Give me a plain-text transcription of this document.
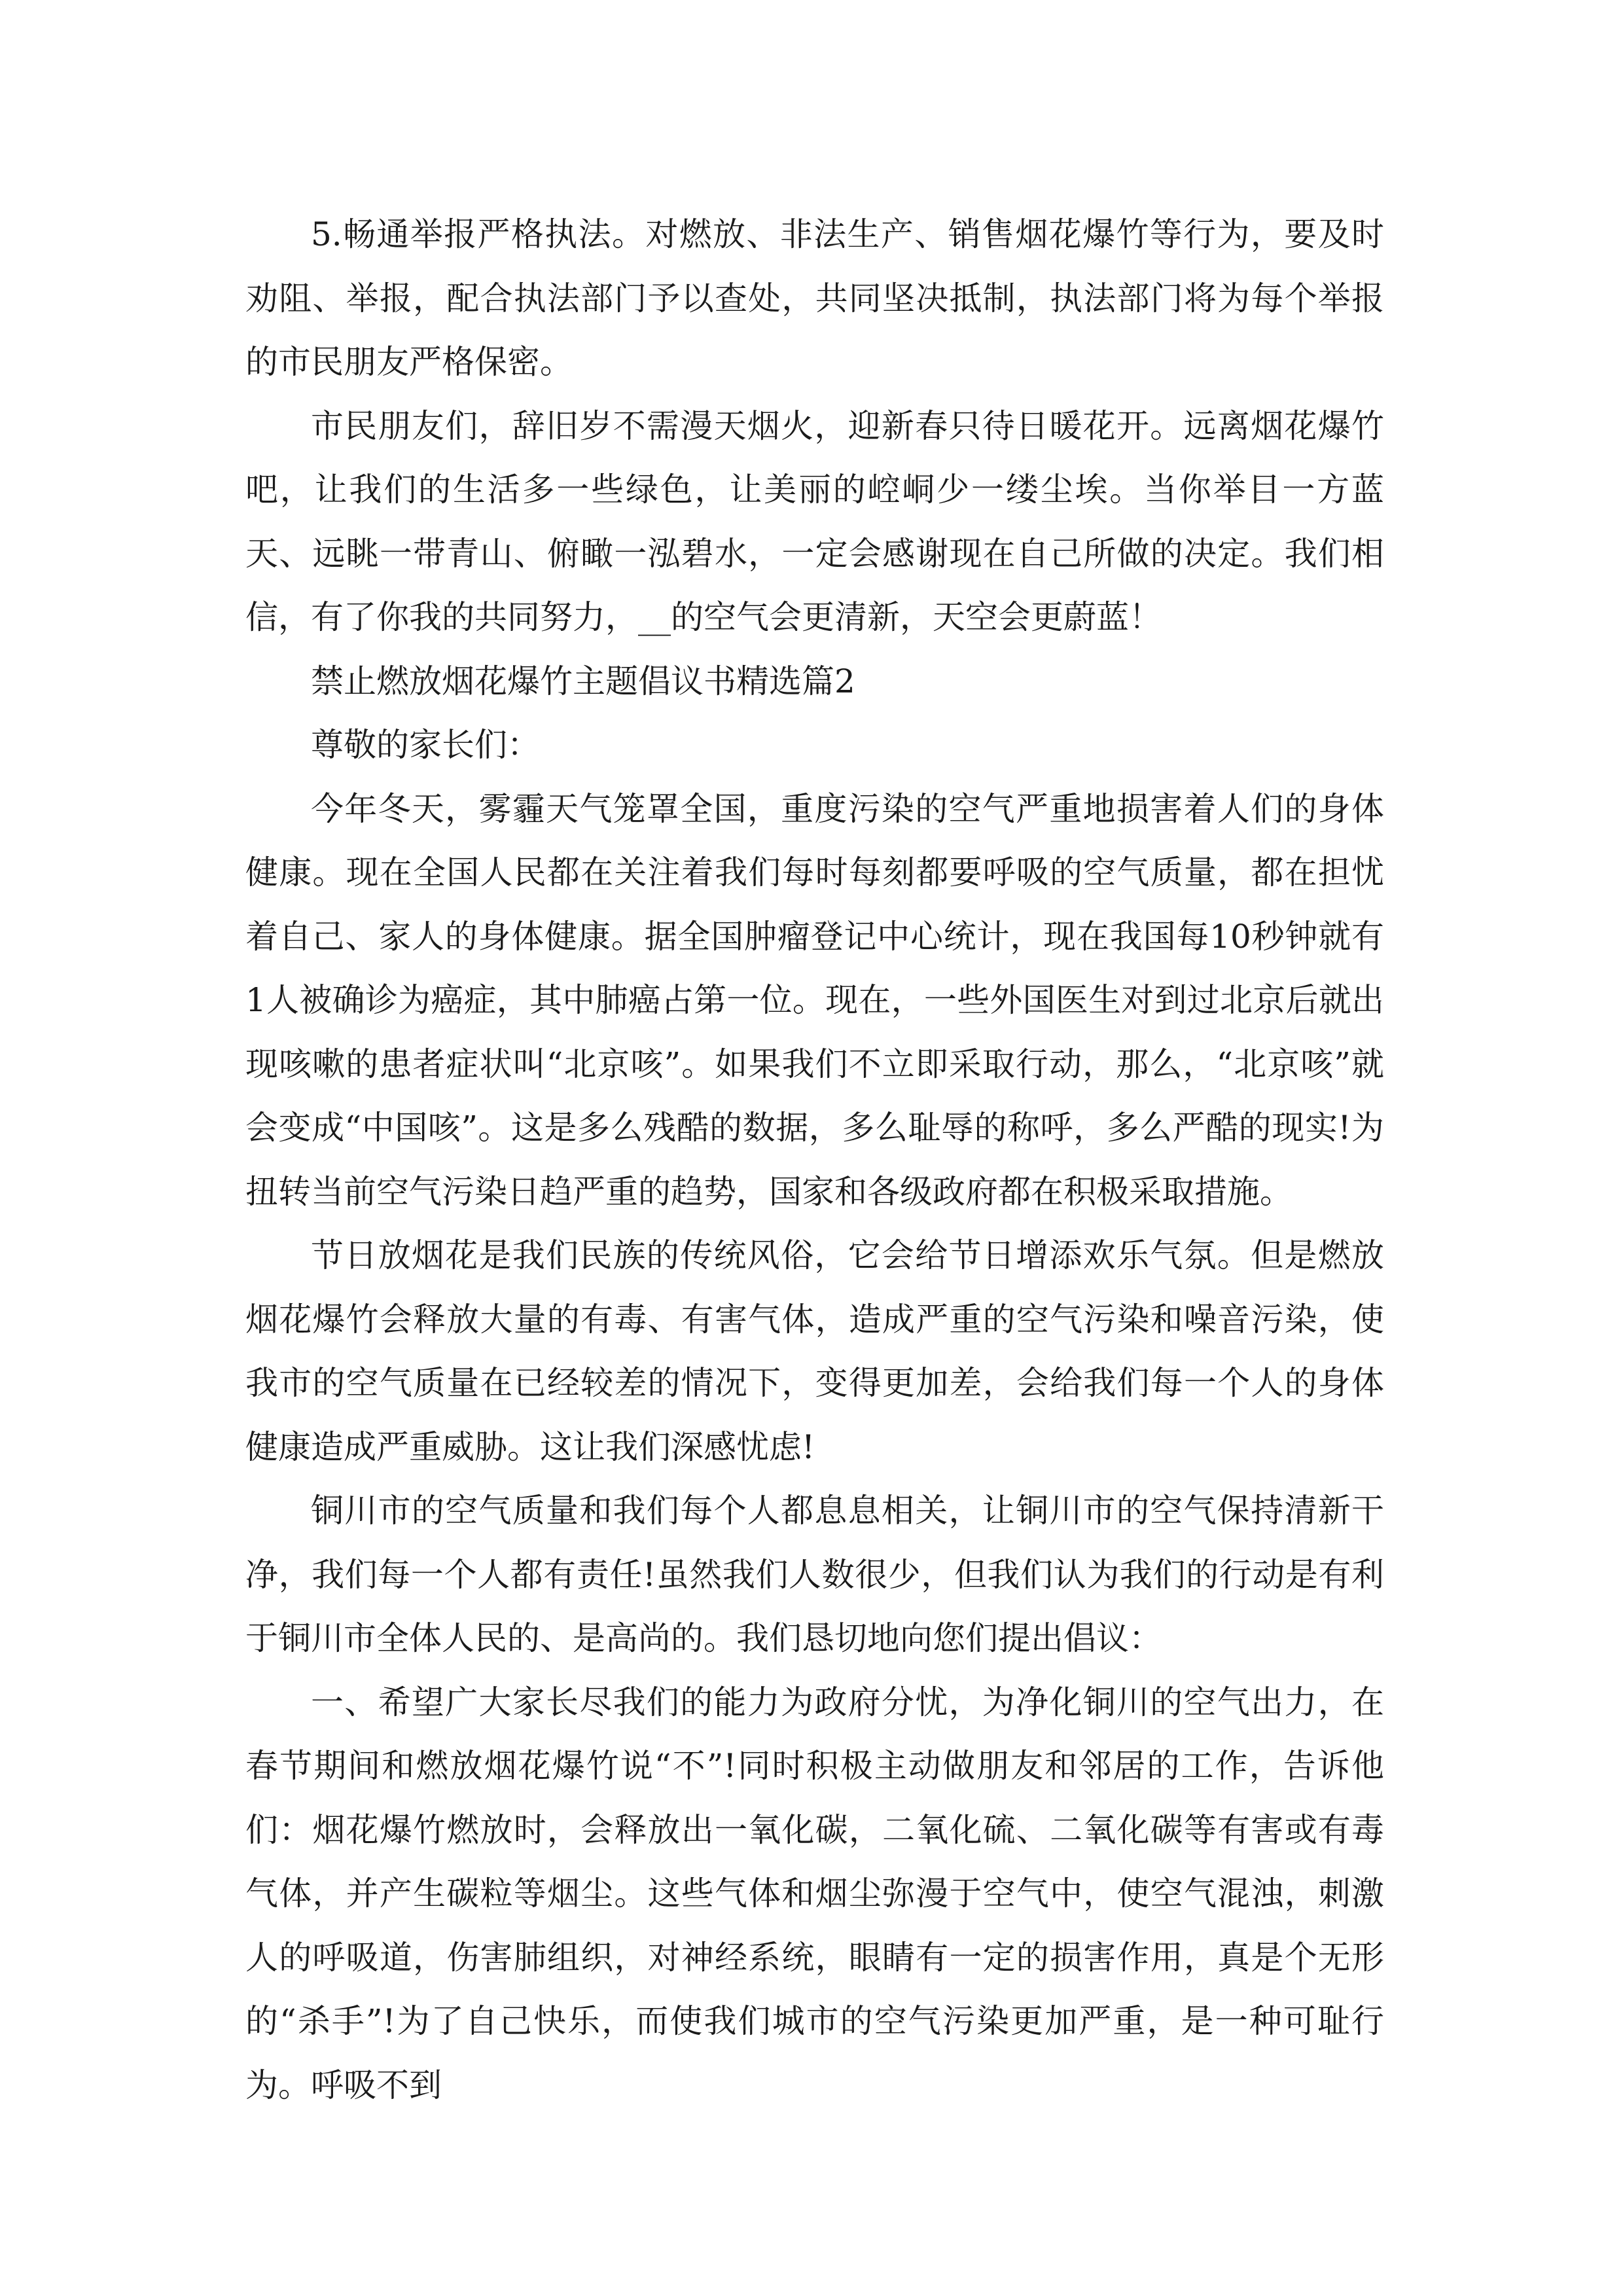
5.畅通举报严格执法。对燃放、非法生产、销售烟花爆竹等行为，要及时劝阻、举报，配合执法部门予以查处，共同坚决抵制，执法部门将为每个举报的市民朋友严格保密。

市民朋友们，辞旧岁不需漫天烟火，迎新春只待日暖花开。远离烟花爆竹吧，让我们的生活多一些绿色，让美丽的崆峒少一缕尘埃。当你举目一方蓝天、远眺一带青山、俯瞰一泓碧水，一定会感谢现在自己所做的决定。我们相信，有了你我的共同努力，__的空气会更清新，天空会更蔚蓝！

禁止燃放烟花爆竹主题倡议书精选篇2

尊敬的家长们：

今年冬天，雾霾天气笼罩全国，重度污染的空气严重地损害着人们的身体健康。现在全国人民都在关注着我们每时每刻都要呼吸的空气质量，都在担忧着自己、家人的身体健康。据全国肿瘤登记中心统计，现在我国每10秒钟就有1人被确诊为癌症，其中肺癌占第一位。现在，一些外国医生对到过北京后就出现咳嗽的患者症状叫“北京咳”。如果我们不立即采取行动，那么，“北京咳”就会变成“中国咳”。这是多么残酷的数据，多么耻辱的称呼，多么严酷的现实!为扭转当前空气污染日趋严重的趋势，国家和各级政府都在积极采取措施。

节日放烟花是我们民族的传统风俗，它会给节日增添欢乐气氛。但是燃放烟花爆竹会释放大量的有毒、有害气体，造成严重的空气污染和噪音污染，使我市的空气质量在已经较差的情况下，变得更加差，会给我们每一个人的身体健康造成严重威胁。这让我们深感忧虑!

铜川市的空气质量和我们每个人都息息相关，让铜川市的空气保持清新干净，我们每一个人都有责任!虽然我们人数很少，但我们认为我们的行动是有利于铜川市全体人民的、是高尚的。我们恳切地向您们提出倡议：

一、希望广大家长尽我们的能力为政府分忧，为净化铜川的空气出力，在春节期间和燃放烟花爆竹说“不”!同时积极主动做朋友和邻居的工作，告诉他们：烟花爆竹燃放时，会释放出一氧化碳，二氧化硫、二氧化碳等有害或有毒气体，并产生碳粒等烟尘。这些气体和烟尘弥漫于空气中，使空气混浊，刺激人的呼吸道，伤害肺组织，对神经系统，眼睛有一定的损害作用，真是个无形的“杀手”!为了自己快乐，而使我们城市的空气污染更加严重，是一种可耻行为。呼吸不到
